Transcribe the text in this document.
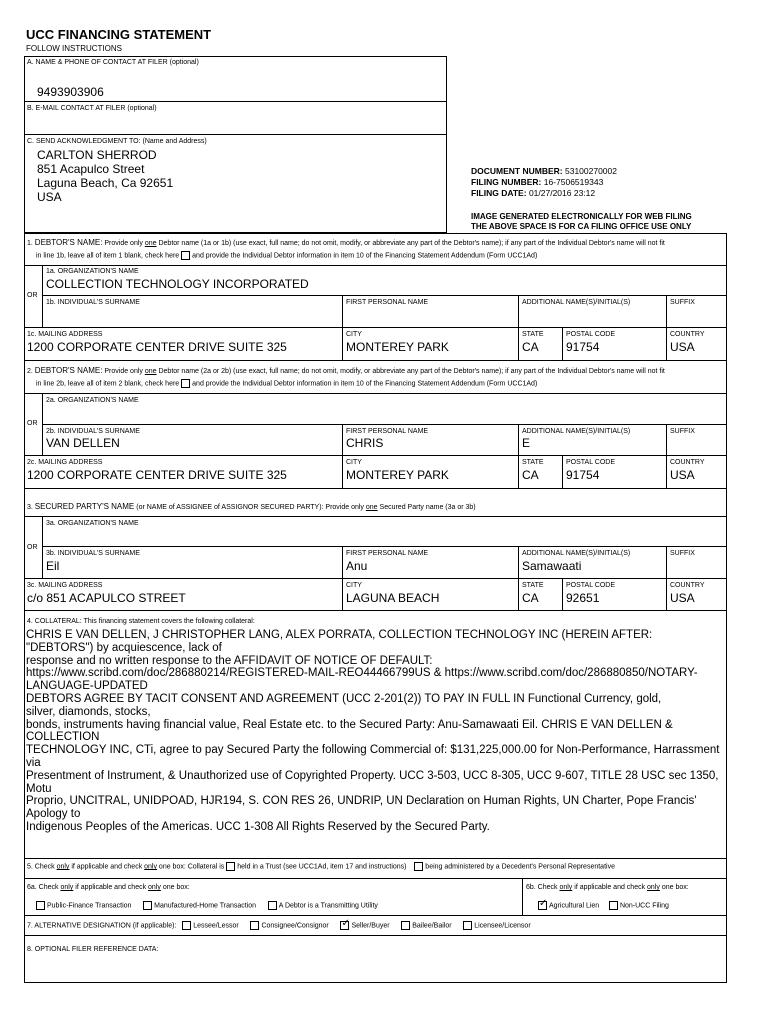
UCC FINANCING STATEMENT
FOLLOW INSTRUCTIONS
A. NAME & PHONE OF CONTACT AT FILER (optional)
9493903906
B. E-MAIL CONTACT AT FILER (optional)
C. SEND ACKNOWLEDGMENT TO: (Name and Address)
CARLTON SHERROD
851 Acapulco Street
Laguna Beach, Ca 92651
USA
DOCUMENT NUMBER: 53100270002
FILING NUMBER: 16-7506519343
FILING DATE: 01/27/2016 23:12
IMAGE GENERATED ELECTRONICALLY FOR WEB FILING
THE ABOVE SPACE IS FOR CA FILING OFFICE USE ONLY
1. DEBTOR'S NAME: Provide only one Debtor name (1a or 1b) (use exact, full name; do not omit, modify, or abbreviate any part of the Debtor's name); if any part of the Individual Debtor's name will not fit
in line 1b, leave all of item 1 blank, check here and provide the Individual Debtor information in item 10 of the Financing Statement Addendum (Form UCC1Ad)
OR
1a. ORGANIZATION'S NAME
COLLECTION TECHNOLOGY INCORPORATED
1b. INDIVIDUAL'S SURNAME	FIRST PERSONAL NAME	ADDITIONAL NAME(S)/INITIAL(S)	SUFFIX
1c. MAILING ADDRESS
1200 CORPORATE CENTER DRIVE SUITE 325
CITY
MONTEREY PARK
STATE
CA
POSTAL CODE
91754
COUNTRY
USA
2. DEBTOR'S NAME: Provide only one Debtor name (2a or 2b) (use exact, full name; do not omit, modify, or abbreviate any part of the Debtor's name); if any part of the Individual Debtor's name will not fit
in line 2b, leave all of item 2 blank, check here and provide the Individual Debtor information in item 10 of the Financing Statement Addendum (Form UCC1Ad)
OR
2a. ORGANIZATION'S NAME
2b. INDIVIDUAL'S SURNAME
VAN DELLEN
FIRST PERSONAL NAME
CHRIS
ADDITIONAL NAME(S)/INITIAL(S)
E
SUFFIX
2c. MAILING ADDRESS
1200 CORPORATE CENTER DRIVE SUITE 325
CITY
MONTEREY PARK
STATE
CA
POSTAL CODE
91754
COUNTRY
USA
3. SECURED PARTY'S NAME (or NAME of ASSIGNEE of ASSIGNOR SECURED PARTY): Provide only one Secured Party name (3a or 3b)
OR
3a. ORGANIZATION'S NAME
3b. INDIVIDUAL'S SURNAME
Eil
FIRST PERSONAL NAME
Anu
ADDITIONAL NAME(S)/INITIAL(S)
Samawaati
SUFFIX
3c. MAILING ADDRESS
c/o 851 ACAPULCO STREET
CITY
LAGUNA BEACH
STATE
CA
POSTAL CODE
92651
COUNTRY
USA
4. COLLATERAL: This financing statement covers the following collateral:
CHRIS E VAN DELLEN, J CHRISTOPHER LANG, ALEX PORRATA, COLLECTION TECHNOLOGY INC (HEREIN AFTER:
"DEBTORS") by acquiescence, lack of
response and no written response to the AFFIDAVIT OF NOTICE OF DEFAULT:
https://www.scribd.com/doc/286880214/REGISTERED-MAIL-REO44466799US & https://www.scribd.com/doc/286880850/NOTARY-
LANGUAGE-UPDATED
DEBTORS AGREE BY TACIT CONSENT AND AGREEMENT (UCC 2-201(2)) TO PAY IN FULL IN Functional Currency, gold,
silver, diamonds, stocks,
bonds, instruments having financial value, Real Estate etc. to the Secured Party: Anu-Samawaati Eil. CHRIS E VAN DELLEN &
COLLECTION
TECHNOLOGY INC, CTi, agree to pay Secured Party the following Commercial of: $131,225,000.00 for Non-Performance, Harrassment
via
Presentment of Instrument, & Unauthorized use of Copyrighted Property. UCC 3-503, UCC 8-305, UCC 9-607, TITLE 28 USC sec 1350,
Motu
Proprio, UNCITRAL, UNIDPOAD, HJR194, S. CON RES 26, UNDRIP, UN Declaration on Human Rights, UN Charter, Pope Francis'
Apology to
Indigenous Peoples of the Americas. UCC 1-308 All Rights Reserved by the Secured Party.
5. Check only if applicable and check only one box: Collateral is held in a Trust (see UCC1Ad, item 17 and instructions)	being administered by a Decedent's Personal Representative
6a. Check only if applicable and check only one box:
Public-Finance Transaction	Manufactured-Home Transaction	A Debtor is a Transmitting Utility
6b. Check only if applicable and check only one box:
✓Agricultural Lien	Non-UCC Filing
7. ALTERNATIVE DESIGNATION (if applicable): Lessee/Lessor	Consignee/Consignor      ✓	Seller/Buyer	Bailee/Bailor	Licensee/Licensor
8. OPTIONAL FILER REFERENCE DATA:
